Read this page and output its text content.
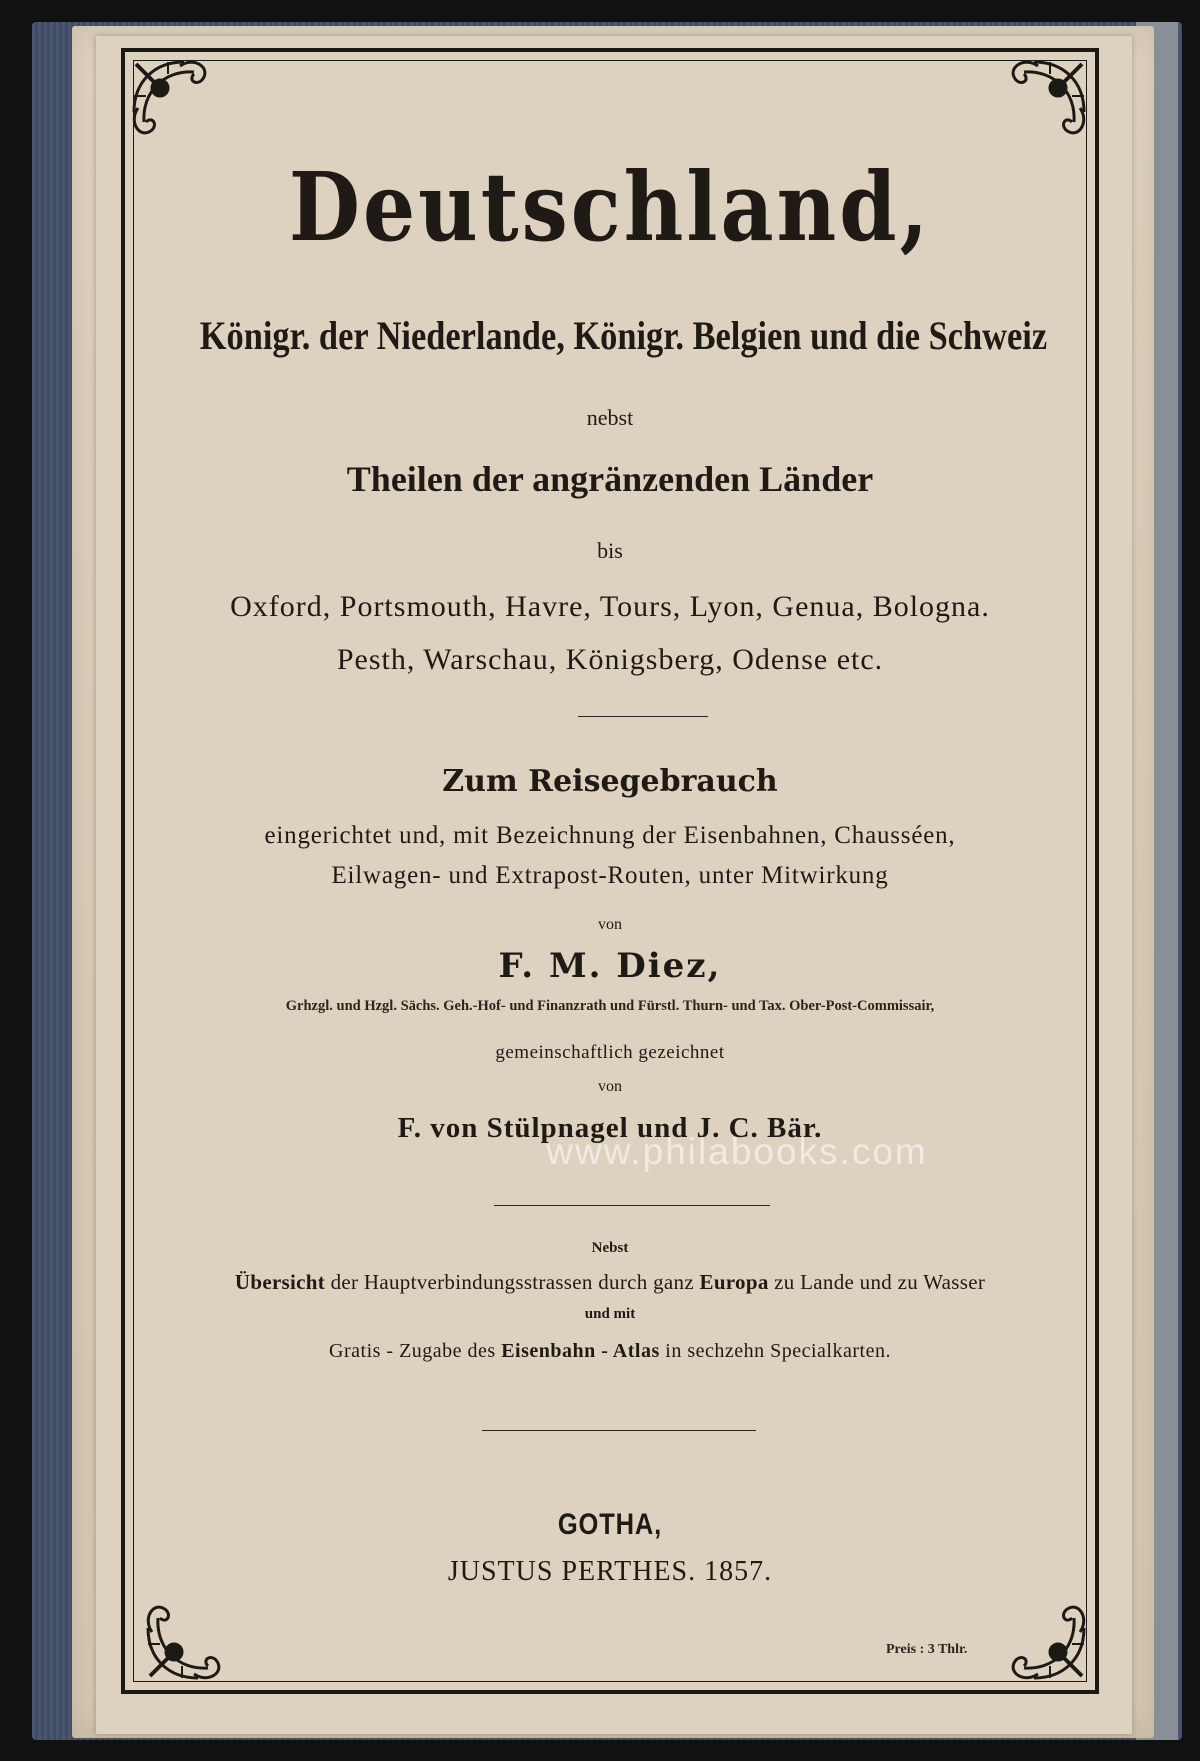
Deutschland,

Königr. der Niederlande, Königr. Belgien und die Schweiz

nebst

Theilen der angränzenden Länder

bis

Oxford, Portsmouth, Havre, Tours, Lyon, Genua, Bologna.

Pesth, Warschau, Königsberg, Odense etc.

Zum Reisegebrauch

eingerichtet und, mit Bezeichnung der Eisenbahnen, Chausséen,

Eilwagen- und Extrapost-Routen, unter Mitwirkung

von

F. M. Diez,

Grhzgl. und Hzgl. Sächs. Geh.-Hof- und Finanzrath und Fürstl. Thurn- und Tax. Ober-Post-Commissair,

gemeinschaftlich gezeichnet

von

F. von Stülpnagel und J. C. Bär.

www.philabooks.com

Nebst

Übersicht der Hauptverbindungsstrassen durch ganz Europa zu Lande und zu Wasser

und mit

Gratis - Zugabe des Eisenbahn - Atlas in sechzehn Specialkarten.

GOTHA,

JUSTUS PERTHES. 1857.

Preis : 3 Thlr.
